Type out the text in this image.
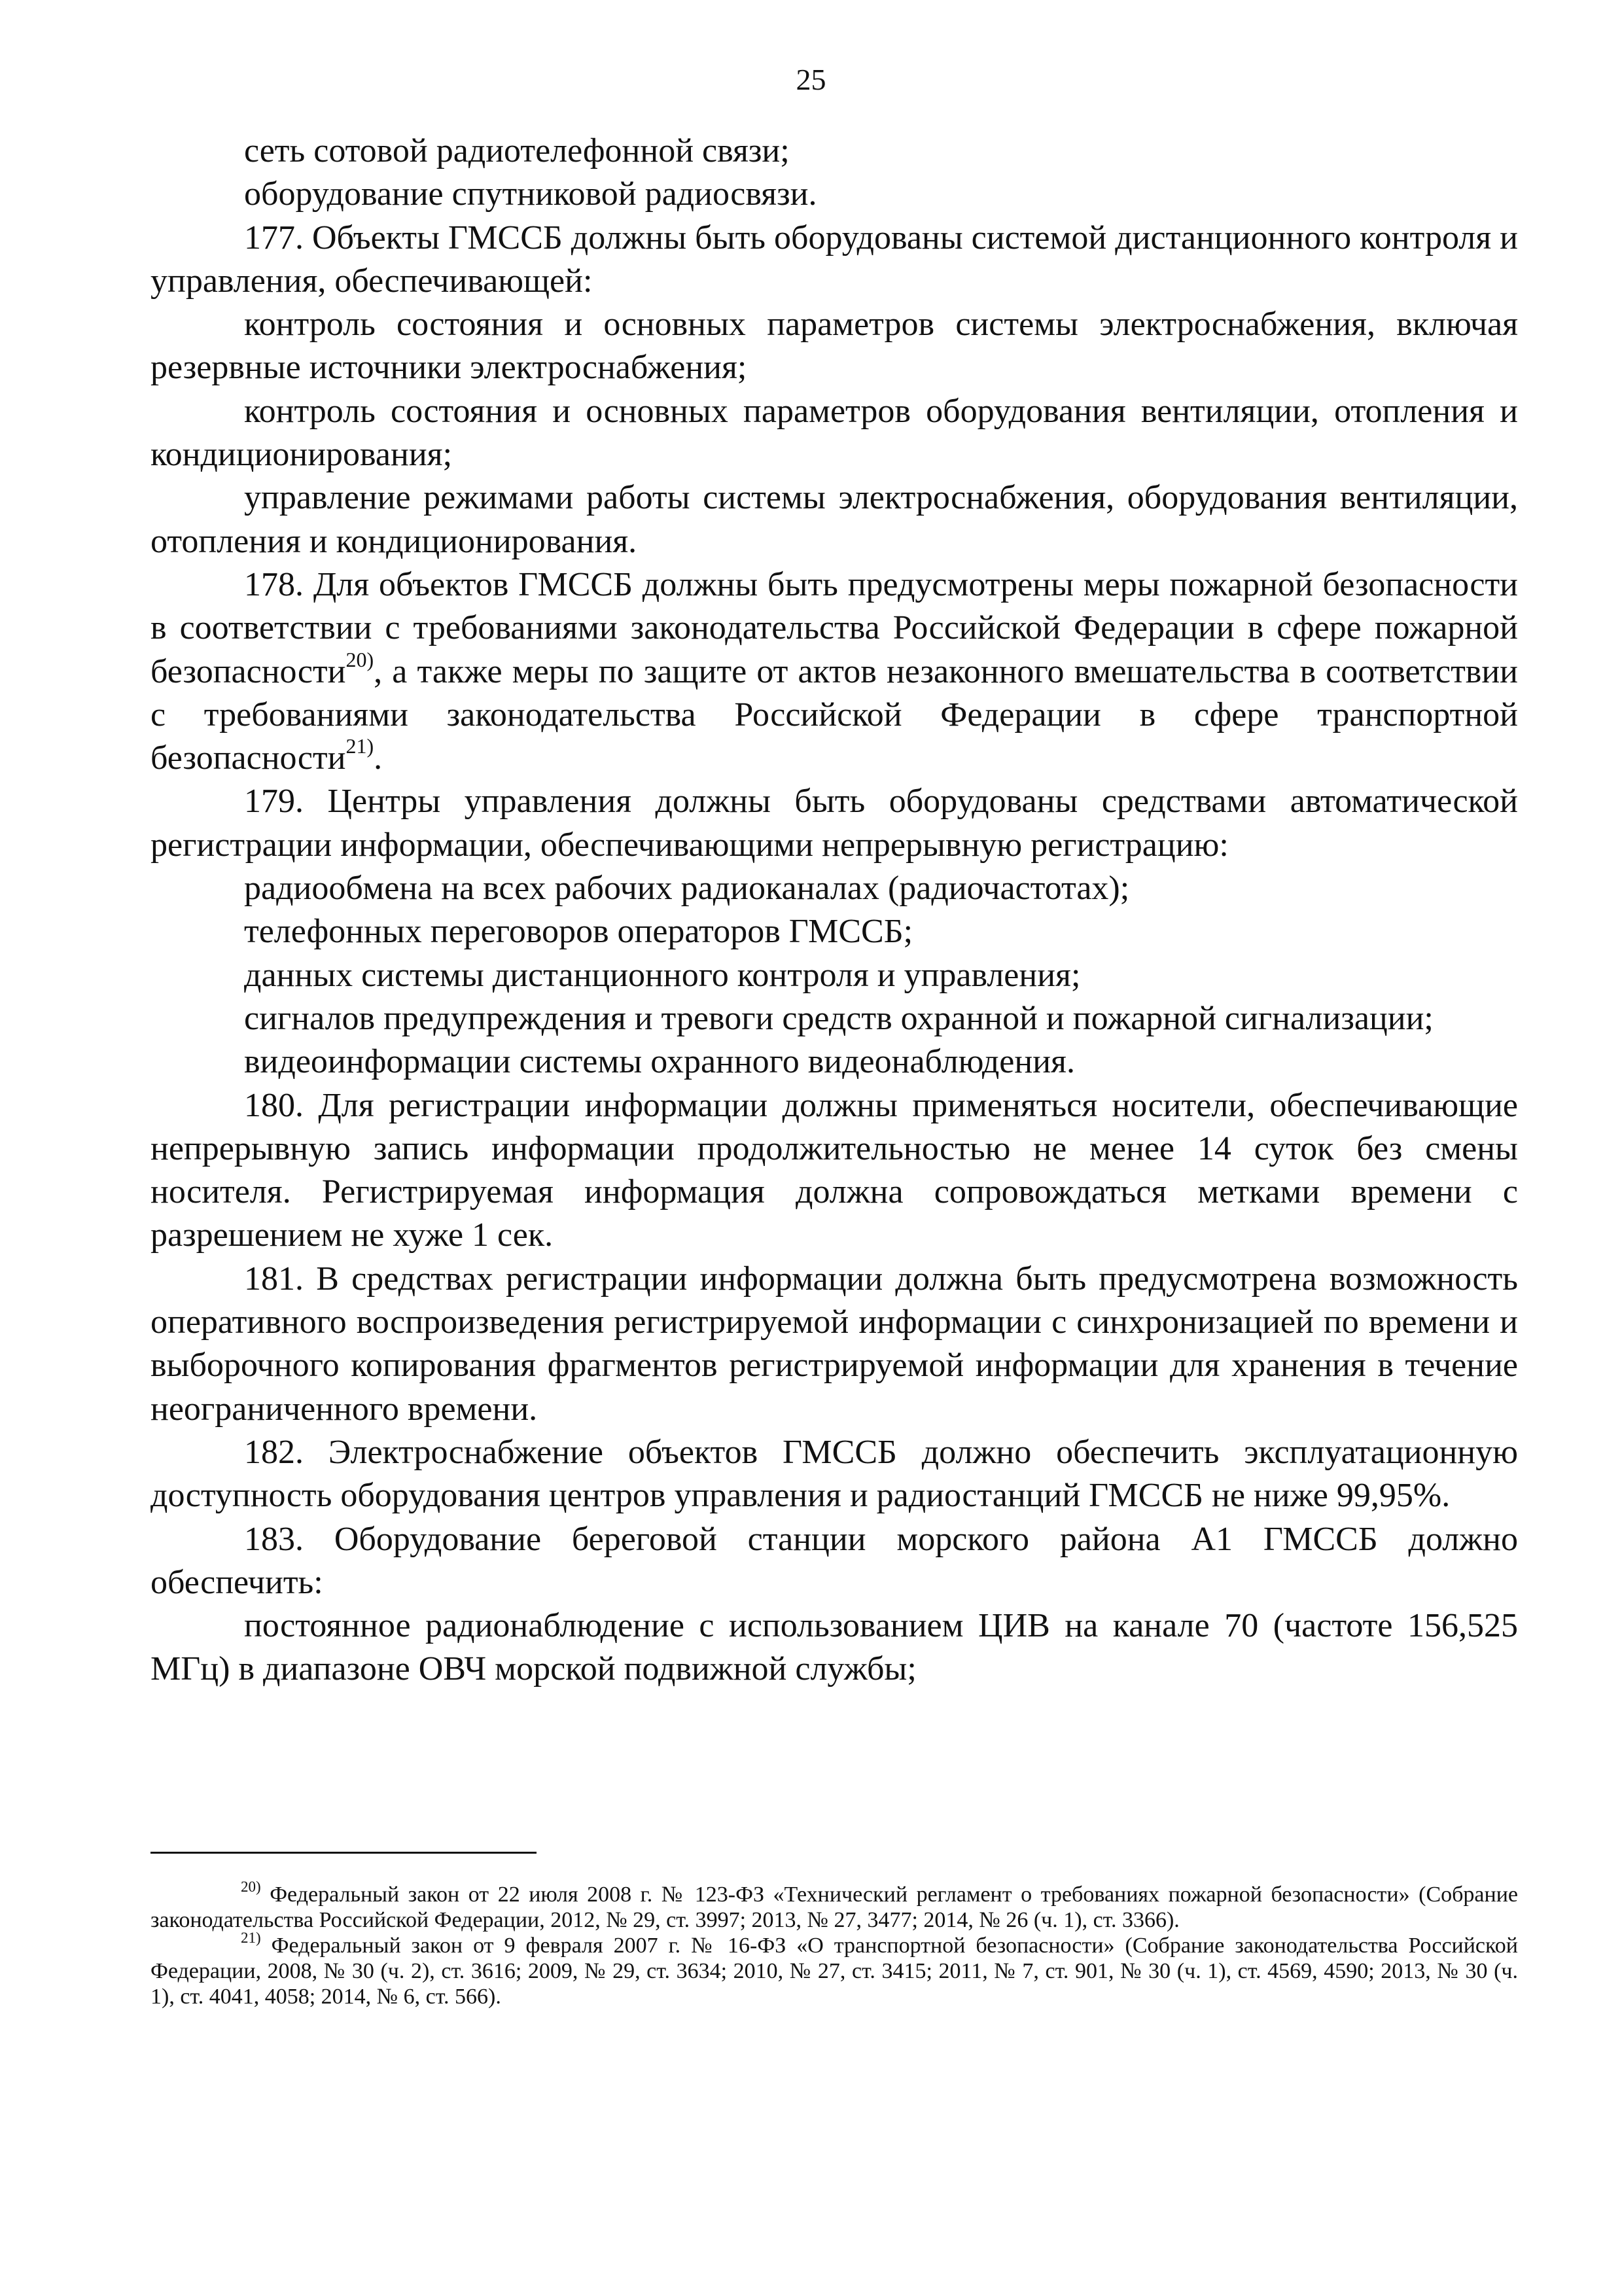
25

сеть сотовой радиотелефонной связи;

оборудование спутниковой радиосвязи.

177. Объекты ГМССБ должны быть оборудованы системой дистанционного контроля и управления, обеспечивающей:

контроль состояния и основных параметров системы электроснабжения, включая резервные источники электроснабжения;

контроль состояния и основных параметров оборудования вентиляции, отопления и кондиционирования;

управление режимами работы системы электроснабжения, оборудования вентиляции, отопления и кондиционирования.

178. Для объектов ГМССБ должны быть предусмотрены меры пожарной безопасности в соответствии с требованиями законодательства Российской Федерации в сфере пожарной безопасности$^{20)}$, а также меры по защите от актов незаконного вмешательства в соответствии с требованиями законодательства Российской Федерации в сфере транспортной безопасности$^{21)}$.

179. Центры управления должны быть оборудованы средствами автоматической регистрации информации, обеспечивающими непрерывную регистрацию:

радиообмена на всех рабочих радиоканалах (радиочастотах);

телефонных переговоров операторов ГМССБ;

данных системы дистанционного контроля и управления;

сигналов предупреждения и тревоги средств охранной и пожарной сигнализации;

видеоинформации системы охранного видеонаблюдения.

180. Для регистрации информации должны применяться носители, обеспечивающие непрерывную запись информации продолжительностью не менее 14 суток без смены носителя. Регистрируемая информация должна сопровождаться метками времени с разрешением не хуже 1 сек.

181. В средствах регистрации информации должна быть предусмотрена возможность оперативного воспроизведения регистрируемой информации с синхронизацией по времени и выборочного копирования фрагментов регистрируемой информации для хранения в течение неограниченного времени.

182. Электроснабжение объектов ГМССБ должно обеспечить эксплуатационную доступность оборудования центров управления и радиостанций ГМССБ не ниже 99,95%.

183. Оборудование береговой станции морского района А1 ГМССБ должно обеспечить:

постоянное радионаблюдение с использованием ЦИВ на канале 70 (частоте 156,525 МГц) в диапазоне ОВЧ морской подвижной службы;

$^{20)}$ Федеральный закон от 22 июля 2008 г. № 123-ФЗ «Технический регламент о требованиях пожарной безопасности» (Собрание законодательства Российской Федерации, 2012, № 29, ст. 3997; 2013, № 27, 3477; 2014, № 26 (ч. 1), ст. 3366).

$^{21)}$ Федеральный закон от 9 февраля 2007 г. № 16-ФЗ «О транспортной безопасности» (Собрание законодательства Российской Федерации, 2008, № 30 (ч. 2), ст. 3616; 2009, № 29, ст. 3634; 2010, № 27, ст. 3415; 2011, № 7, ст. 901, № 30 (ч. 1), ст. 4569, 4590; 2013, № 30 (ч. 1), ст. 4041, 4058; 2014, № 6, ст. 566).
